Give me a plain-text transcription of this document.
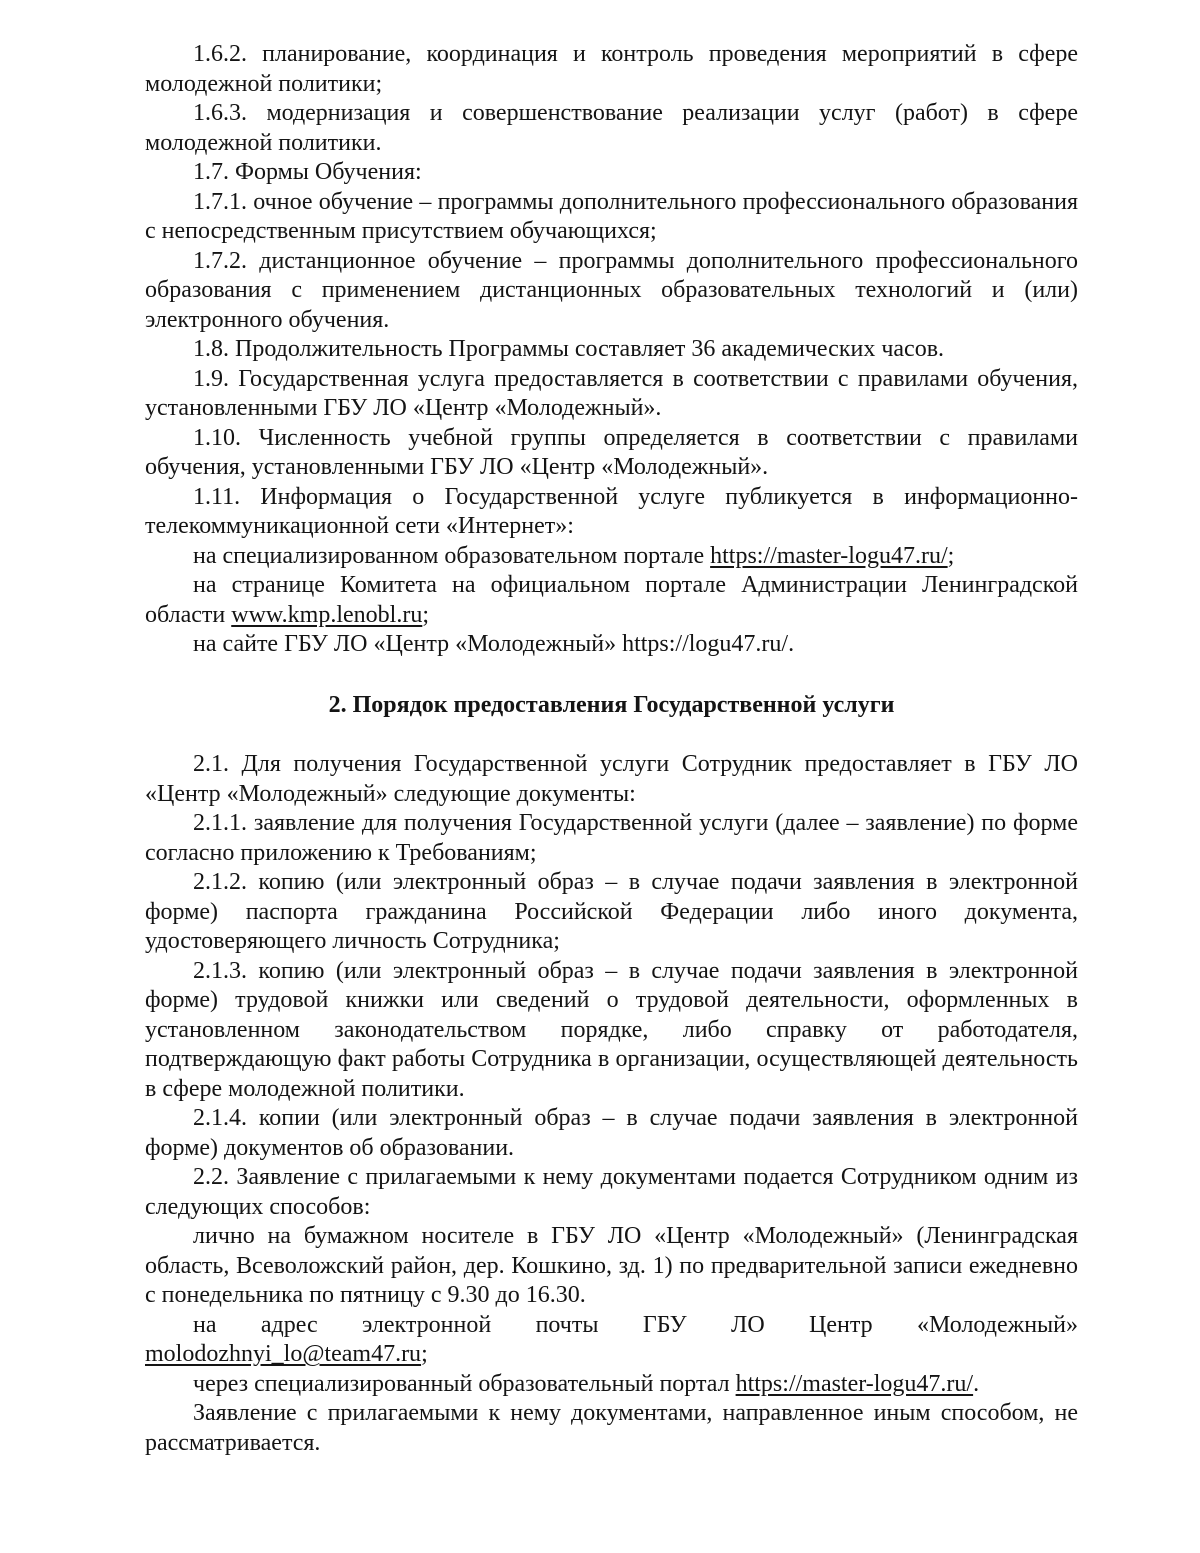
1.6.2. планирование, координация и контроль проведения мероприятий в сфере молодежной политики;

1.6.3. модернизация и совершенствование реализации услуг (работ) в сфере молодежной политики.

1.7. Формы Обучения:

1.7.1. очное обучение – программы дополнительного профессионального образования с непосредственным присутствием обучающихся;

1.7.2. дистанционное обучение – программы дополнительного профессионального образования с применением дистанционных образовательных технологий и (или) электронного обучения.

1.8. Продолжительность Программы составляет 36 академических часов.

1.9. Государственная услуга предоставляется в соответствии с правилами обучения, установленными ГБУ ЛО «Центр «Молодежный».

1.10. Численность учебной группы определяется в соответствии с правилами обучения, установленными ГБУ ЛО «Центр «Молодежный».

1.11. Информация о Государственной услуге публикуется в информационно-телекоммуникационной сети «Интернет»:

на специализированном образовательном портале https://master-logu47.ru/;

на странице Комитета на официальном портале Администрации Ленинградской области www.kmp.lenobl.ru;

на сайте ГБУ ЛО «Центр «Молодежный» https://logu47.ru/.

2. Порядок предоставления Государственной услуги

2.1. Для получения Государственной услуги Сотрудник предоставляет в ГБУ ЛО «Центр «Молодежный» следующие документы:

2.1.1. заявление для получения Государственной услуги (далее – заявление) по форме согласно приложению к Требованиям;

2.1.2. копию (или электронный образ – в случае подачи заявления в электронной форме) паспорта гражданина Российской Федерации либо иного документа, удостоверяющего личность Сотрудника;

2.1.3. копию (или электронный образ – в случае подачи заявления в электронной форме) трудовой книжки или сведений о трудовой деятельности, оформленных в установленном законодательством порядке, либо справку от работодателя, подтверждающую факт работы Сотрудника в организации, осуществляющей деятельность в сфере молодежной политики.

2.1.4. копии (или электронный образ – в случае подачи заявления в электронной форме) документов об образовании.

2.2. Заявление с прилагаемыми к нему документами подается Сотрудником одним из следующих способов:

лично на бумажном носителе в ГБУ ЛО «Центр «Молодежный» (Ленинградская область, Всеволожский район, дер. Кошкино, зд. 1) по предварительной записи ежедневно с понедельника по пятницу с 9.30 до 16.30.

на адрес электронной почты ГБУ ЛО Центр «Молодежный» molodozhnyi_lo@team47.ru;

через специализированный образовательный портал https://master-logu47.ru/.

Заявление с прилагаемыми к нему документами, направленное иным способом, не рассматривается.
